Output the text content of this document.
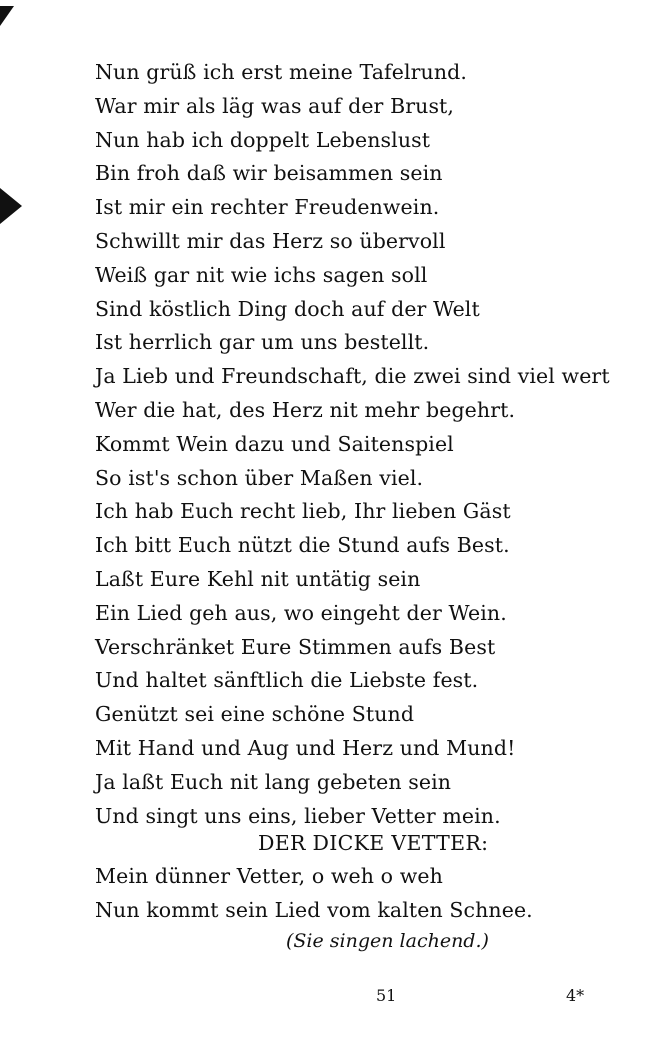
Nun grüß ich erst meine Tafelrund.
War mir als läg was auf der Brust,
Nun hab ich doppelt Lebenslust
Bin froh daß wir beisammen sein
Ist mir ein rechter Freudenwein.
Schwillt mir das Herz so übervoll
Weiß gar nit wie ichs sagen soll
Sind köstlich Ding doch auf der Welt
Ist herrlich gar um uns bestellt.
Ja Lieb und Freundschaft, die zwei sind viel wert
Wer die hat, des Herz nit mehr begehrt.
Kommt Wein dazu und Saitenspiel
So ist's schon über Maßen viel.
Ich hab Euch recht lieb, Ihr lieben Gäst
Ich bitt Euch nützt die Stund aufs Best.
Laßt Eure Kehl nit untätig sein
Ein Lied geh aus, wo eingeht der Wein.
Verschränket Eure Stimmen aufs Best
Und haltet sänftlich die Liebste fest.
Genützt sei eine schöne Stund
Mit Hand und Aug und Herz und Mund!
Ja laßt Euch nit lang gebeten sein
Und singt uns eins, lieber Vetter mein.
DER DICKE VETTER:
Mein dünner Vetter, o weh o weh
Nun kommt sein Lied vom kalten Schnee.
(Sie singen lachend.)
51	4*
